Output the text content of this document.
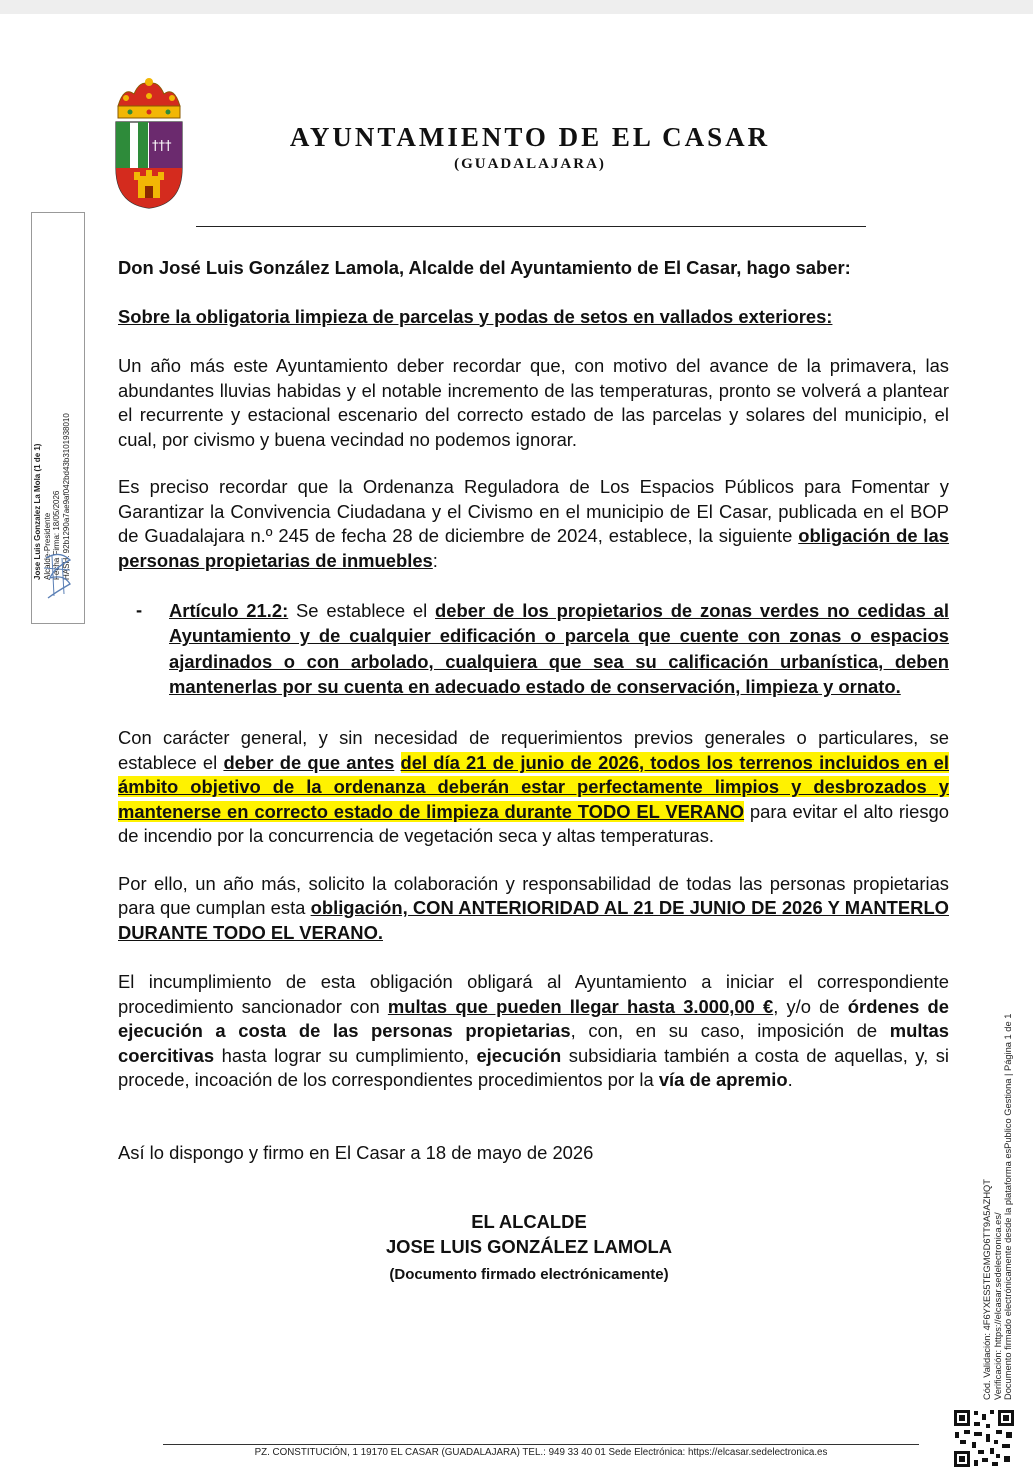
†††	AYUNTAMIENTO DE EL CASAR
(GUADALAJARA)
Jose Luis Gonzalez La Mola (1 de 1) Alcalde-Presidente Fecha Firma: 18/05/2026 HASH: 92b1290a7ae9af042bd43b3101938010

Don José Luis González Lamola, Alcalde del Ayuntamiento de El Casar, hago saber:

Sobre la obligatoria limpieza de parcelas y podas de setos en vallados exteriores:

Un año más este Ayuntamiento deber recordar que, con motivo del avance de la primavera, las abundantes lluvias habidas y el notable incremento de las temperaturas, pronto se volverá a plantear el recurrente y estacional escenario del correcto estado de las parcelas y solares del municipio, el cual, por civismo y buena vecindad no podemos ignorar.

Es preciso recordar que la Ordenanza Reguladora de Los Espacios Públicos para Fomentar y Garantizar la Convivencia Ciudadana y el Civismo en el municipio de El Casar, publicada en el BOP de Guadalajara n.º 245 de fecha 28 de diciembre de 2024, establece, la siguiente obligación de las personas propietarias de inmuebles:

-	Artículo 21.2: Se establece el deber de los propietarios de zonas verdes no cedidas al Ayuntamiento y de cualquier edificación o parcela que cuente con zonas o espacios ajardinados o con arbolado, cualquiera que sea su calificación urbanística, deben mantenerlas por su cuenta en adecuado estado de conservación, limpieza y ornato.

Con carácter general, y sin necesidad de requerimientos previos generales o particulares, se establece el deber de que antes del día 21 de junio de 2026, todos los terrenos incluidos en el ámbito objetivo de la ordenanza deberán estar perfectamente limpios y desbrozados y mantenerse en correcto estado de limpieza durante TODO EL VERANO para evitar el alto riesgo de incendio por la concurrencia de vegetación seca y altas temperaturas.

Por ello, un año más, solicito la colaboración y responsabilidad de todas las personas propietarias para que cumplan esta obligación, CON ANTERIORIDAD AL 21 DE JUNIO DE 2026 Y MANTERLO DURANTE TODO EL VERANO.

El incumplimiento de esta obligación obligará al Ayuntamiento a iniciar el correspondiente procedimiento sancionador con multas que pueden llegar hasta 3.000,00 €, y/o de órdenes de ejecución a costa de las personas propietarias, con, en su caso, imposición de multas coercitivas hasta lograr su cumplimiento, ejecución subsidiaria también a costa de aquellas, y, si procede, incoación de los correspondientes procedimientos por la vía de apremio.

Así lo dispongo y firmo en El Casar a 18 de mayo de 2026

EL ALCALDE
JOSE LUIS GONZÁLEZ LAMOLA
(Documento firmado electrónicamente)	Cód. Validación: 4F6YXES5TEGMGD6TT9A5AZHQT Verificación: https://elcasar.sedelectronica.es/ Documento firmado electrónicamente desde la plataforma esPublico Gestiona | Página 1 de 1
PZ. CONSTITUCIÓN, 1 19170 EL CASAR (GUADALAJARA) TEL.: 949 33 40 01 Sede Electrónica: https://elcasar.sedelectronica.es
